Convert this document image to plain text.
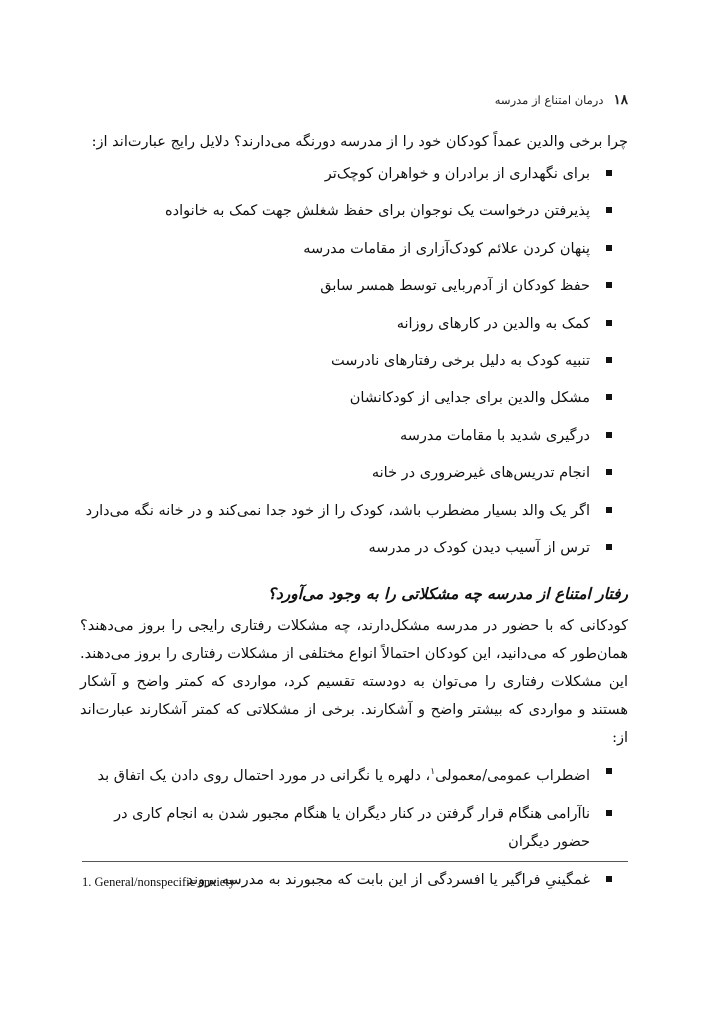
۱۸
درمان امتناع از مدرسه

چرا برخی والدین عمداً کودکان خود را از مدرسه دورنگه می‌دارند؟ دلایل رایج عبارت‌اند از:

برای نگهداری از برادران و خواهران کوچک‌تر
پذیرفتن درخواست یک نوجوان برای حفظ شغلش جهت کمک به خانواده
پنهان کردن علائم کودک‌آزاری از مقامات مدرسه
حفظ کودکان از آدم‌ربایی توسط همسر سابق
کمک به والدین در کارهای روزانه
تنبیه کودک به دلیل برخی رفتارهای نادرست
مشکل والدین برای جدایی از کودکانشان
درگیری شدید با مقامات مدرسه
انجام تدریس‌های غیرضروری در خانه
اگر یک والد بسیار مضطرب باشد، کودک را از خود جدا نمی‌کند و در خانه نگه می‌دارد
ترس از آسیب دیدن کودک در مدرسه
رفتار امتناع از مدرسه چه مشکلاتی را به وجود می‌آورد؟

کودکانی که با حضور در مدرسه مشکل‌دارند، چه مشکلات رفتاری رایجی را بروز می‌دهند؟ همان‌طور که می‌دانید، این کودکان احتمالاً انواع مختلفی از مشکلات رفتاری را بروز می‌دهند. این مشکلات رفتاری را می‌توان به دودسته تقسیم کرد، مواردی که کمتر واضح و آشکار هستند و مواردی که بیشتر واضح و آشکارند. برخی از مشکلاتی که کمتر آشکارند عبارت‌اند از:

اضطراب عمومی/معمولی$^۱$، دلهره یا نگرانی در مورد احتمال روی دادن یک اتفاق بد
ناآرامی هنگام قرار گرفتن در کنار دیگران یا هنگام مجبور شدن به انجام کاری در حضور دیگران
غمگینیِ فراگیر یا افسردگی از این بابت که مجبورند به مدرسه بروند
1. General/nonspecific anxiety
